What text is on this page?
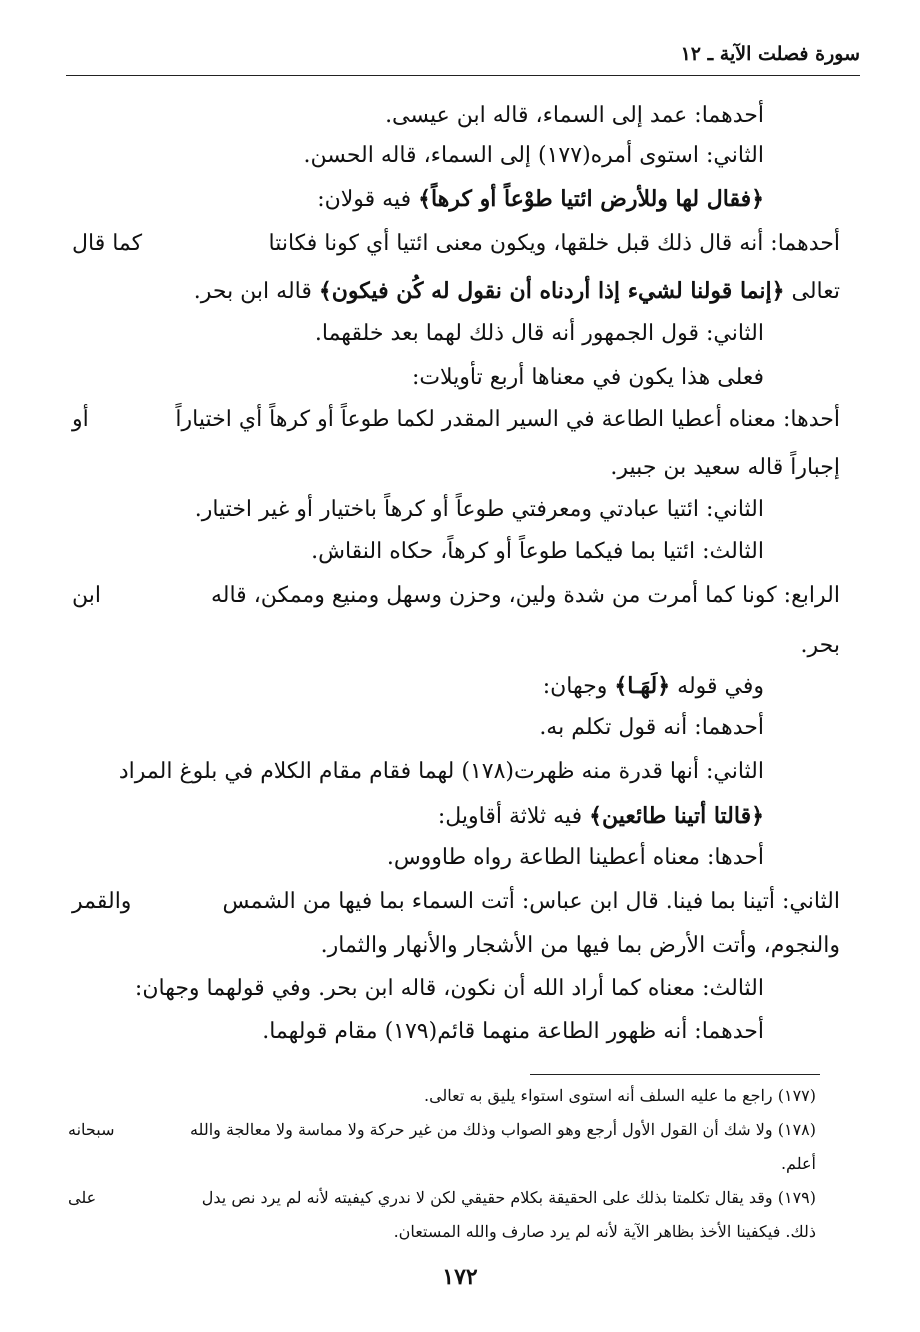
سورة فصلت الآية ـ ١٢
أحدهما: عمد إلى السماء، قاله ابن عيسى.
الثاني: استوى أمره(١٧٧) إلى السماء، قاله الحسن.
﴿فقال لها وللأرض ائتيا طوْعاً أو كرهاً﴾ فيه قولان:
أحدهما: أنه قال ذلك قبل خلقها، ويكون معنى ائتيا أي كونا فكانتا
كما قال
تعالى ﴿إنما قولنا لشيء إذا أردناه أن نقول له كُن فيكون﴾ قاله ابن بحر.
الثاني: قول الجمهور أنه قال ذلك لهما بعد خلقهما.
فعلى هذا يكون في معناها أربع تأويلات:
أحدها: معناه أعطيا الطاعة في السير المقدر لكما طوعاً أو كرهاً أي اختياراً
أو
إجباراً قاله سعيد بن جبير.
الثاني: ائتيا عبادتي ومعرفتي طوعاً أو كرهاً باختيار أو غير اختيار.
الثالث: ائتيا بما فيكما طوعاً أو كرهاً، حكاه النقاش.
الرابع: كونا كما أمرت من شدة ولين، وحزن وسهل ومنيع وممكن، قاله
ابن
بحر.
وفي قوله ﴿لَهَـا﴾ وجهان:
أحدهما: أنه قول تكلم به.
الثاني: أنها قدرة منه ظهرت(١٧٨) لهما فقام مقام الكلام في بلوغ المراد
﴿قالتا أتينا طائعين﴾ فيه ثلاثة أقاويل:
أحدها: معناه أعطينا الطاعة رواه طاووس.
الثاني: أتينا بما فينا. قال ابن عباس: أتت السماء بما فيها من الشمس
والقمر
والنجوم، وأتت الأرض بما فيها من الأشجار والأنهار والثمار.
الثالث: معناه كما أراد الله أن نكون، قاله ابن بحر. وفي قولهما وجهان:
أحدهما: أنه ظهور الطاعة منهما قائم(١٧٩) مقام قولهما.
(١٧٧) راجع ما عليه السلف أنه استوى استواء يليق به تعالى.
(١٧٨) ولا شك أن القول الأول أرجع وهو الصواب وذلك من غير حركة ولا مماسة ولا معالجة والله
سبحانه
أعلم.
(١٧٩) وقد يقال تكلمتا بذلك على الحقيقة بكلام حقيقي لكن لا ندري كيفيته لأنه لم يرد نص يدل
على
ذلك. فيكفينا الأخذ بظاهر الآية لأنه لم يرد صارف والله المستعان.
١٧٢
